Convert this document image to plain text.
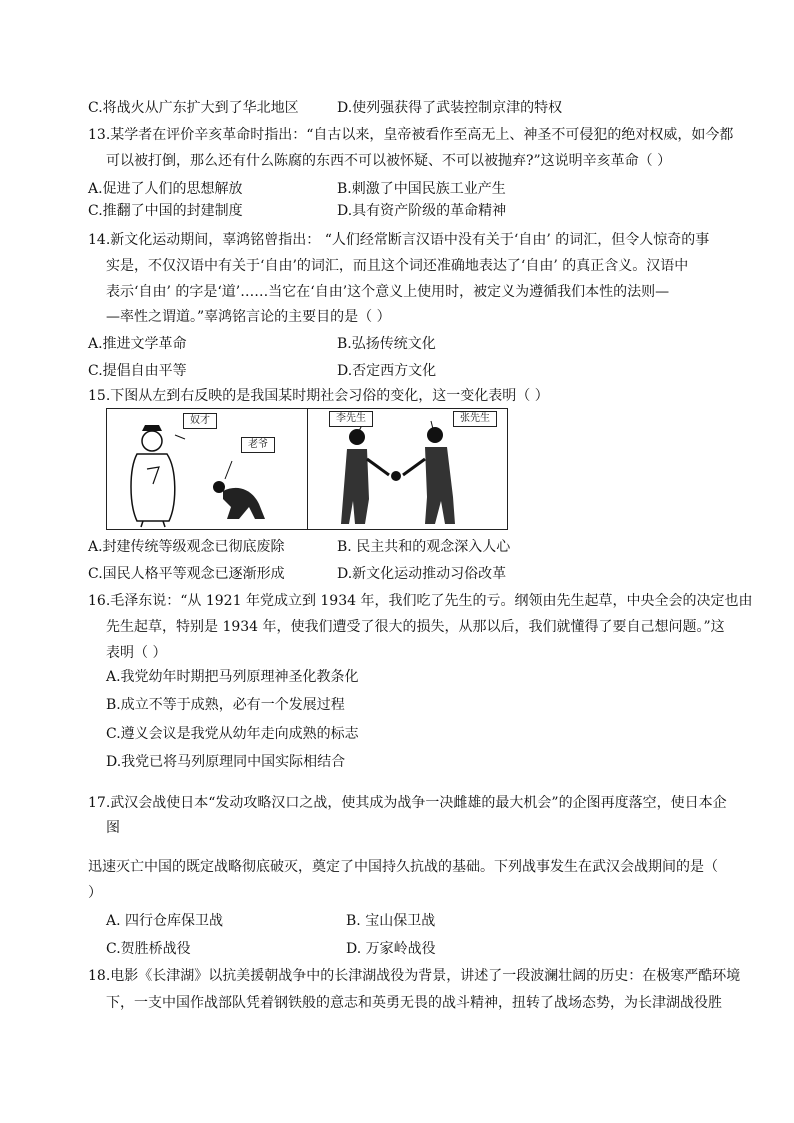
C.将战火从广东扩大到了华北地区	D.使列强获得了武装控制京津的特权
13.某学者在评价辛亥革命时指出：“自古以来，皇帝被看作至高无上、神圣不可侵犯的绝对权威，如今都
可以被打倒，那么还有什么陈腐的东西不可以被怀疑、不可以被抛弃?”这说明辛亥革命（ ）
A.促进了人们的思想解放	B.刺激了中国民族工业产生
C.推翻了中国的封建制度	D.具有资产阶级的革命精神
14.新文化运动期间，辜鸿铭曾指出： “人们经常断言汉语中没有关于‘自由’ 的词汇，但令人惊奇的事
实是，不仅汉语中有关于‘自由’的词汇，而且这个词还准确地表达了‘自由’ 的真正含义。汉语中
表示‘自由’ 的字是‘道’……当它在‘自由’这个意义上使用时，被定义为遵循我们本性的法则—
—率性之谓道。”辜鸿铭言论的主要目的是（ ）
A.推进文学革命	B.弘扬传统文化
C.提倡自由平等	D.否定西方文化
15.下图从左到右反映的是我国某时期社会习俗的变化，这一变化表明（ ）
奴才
老爷
李先生	张先生
A.封建传统等级观念已彻底废除	B. 民主共和的观念深入人心
C.国民人格平等观念已逐渐形成	D.新文化运动推动习俗改革
16.毛泽东说：“从 1921 年党成立到 1934 年，我们吃了先生的亏。纲领由先生起草，中央全会的决定也由
先生起草，特别是 1934 年，使我们遭受了很大的损失，从那以后，我们就懂得了要自己想问题。”这
表明（ ）
A.我党幼年时期把马列原理神圣化教条化
B.成立不等于成熟，必有一个发展过程
C.遵义会议是我党从幼年走向成熟的标志
D.我党已将马列原理同中国实际相结合
17.武汉会战使日本“发动攻略汉口之战，使其成为战争一决雌雄的最大机会”的企图再度落空，使日本企
图
迅速灭亡中国的既定战略彻底破灭，奠定了中国持久抗战的基础。下列战事发生在武汉会战期间的是（
）
A. 四行仓库保卫战	B. 宝山保卫战
C.贺胜桥战役	D. 万家岭战役
18.电影《长津湖》以抗美援朝战争中的长津湖战役为背景，讲述了一段波澜壮阔的历史：在极寒严酷环境
下，一支中国作战部队凭着钢铁般的意志和英勇无畏的战斗精神，扭转了战场态势，为长津湖战役胜
